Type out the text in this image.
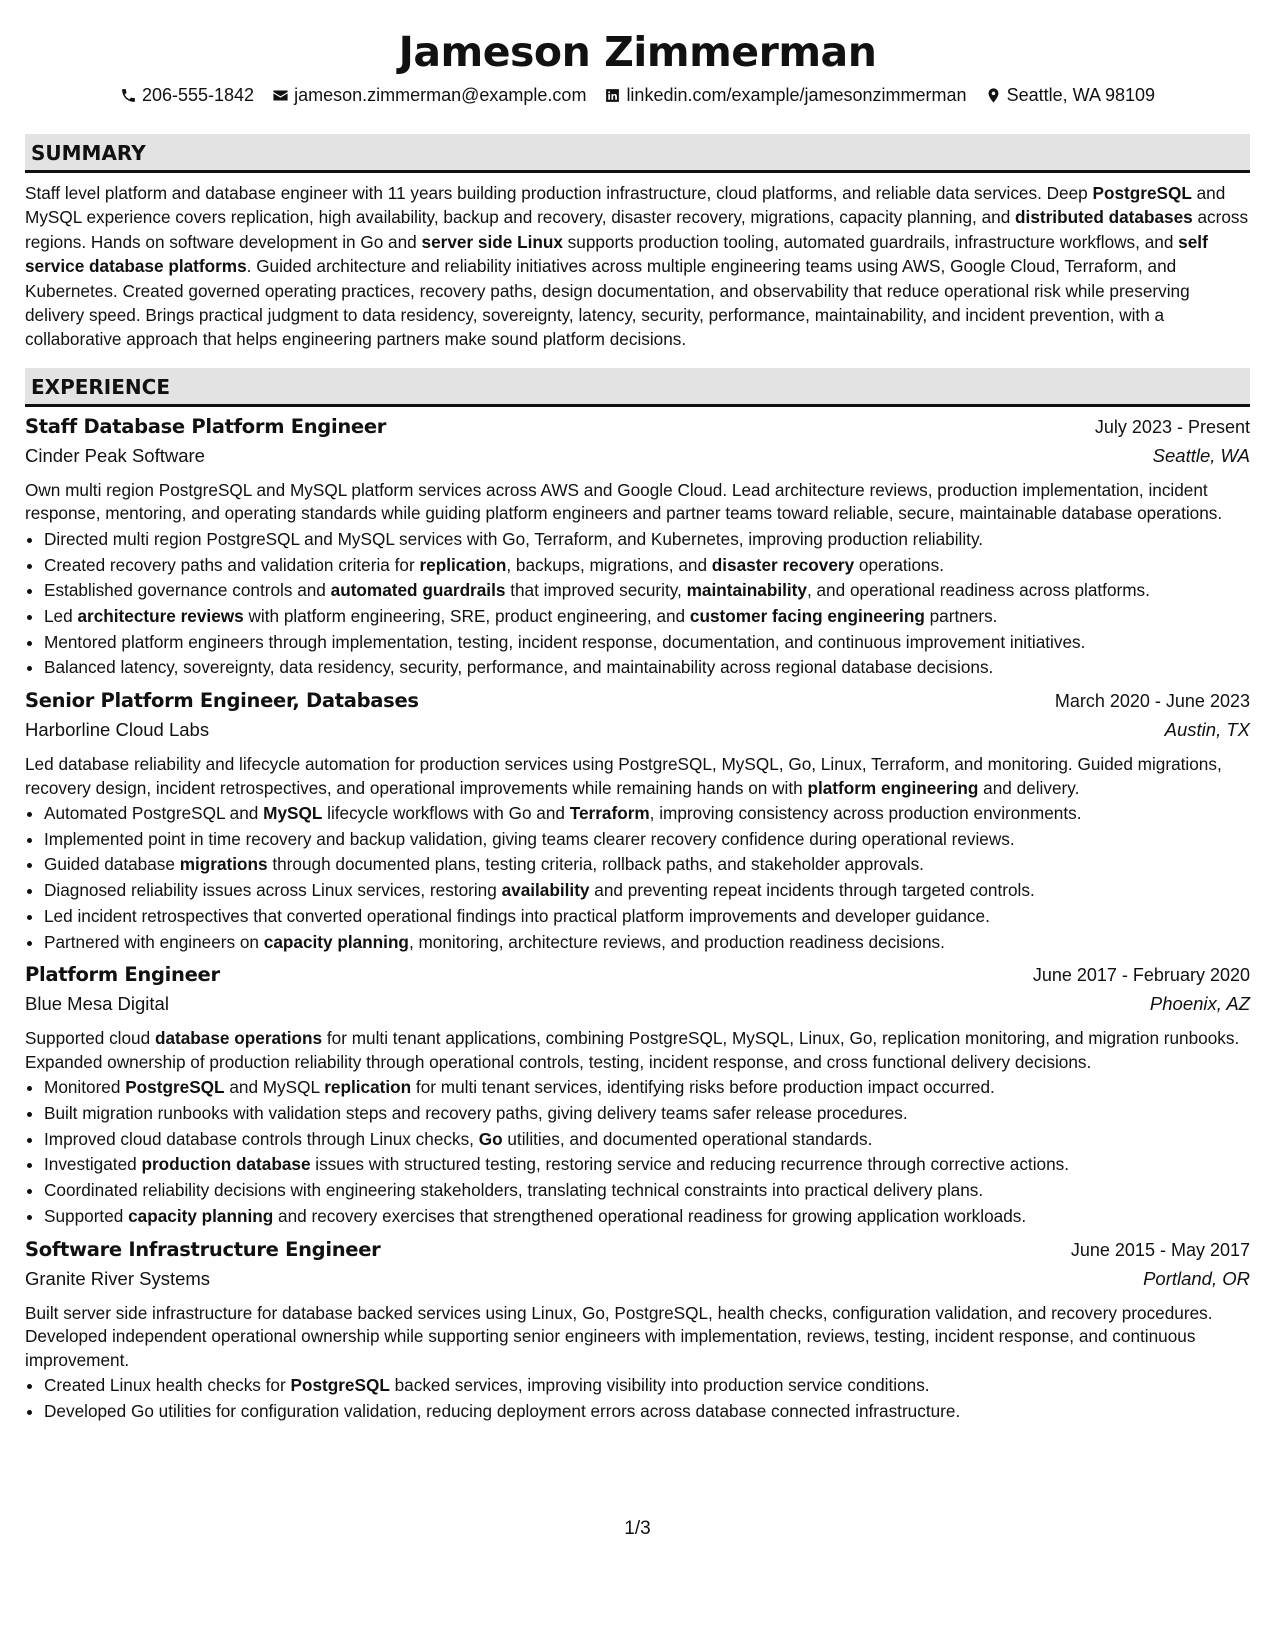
Jameson Zimmerman
206-555-1842 jameson.zimmerman@example.com linkedin.com/example/jamesonzimmerman Seattle, WA 98109
SUMMARY
Staff level platform and database engineer with 11 years building production infrastructure, cloud platforms, and reliable data services. Deep PostgreSQL and MySQL experience covers replication, high availability, backup and recovery, disaster recovery, migrations, capacity planning, and distributed databases across regions. Hands on software development in Go and server side Linux supports production tooling, automated guardrails, infrastructure workflows, and self service database platforms. Guided architecture and reliability initiatives across multiple engineering teams using AWS, Google Cloud, Terraform, and Kubernetes. Created governed operating practices, recovery paths, design documentation, and observability that reduce operational risk while preserving delivery speed. Brings practical judgment to data residency, sovereignty, latency, security, performance, maintainability, and incident prevention, with a collaborative approach that helps engineering partners make sound platform decisions.
EXPERIENCE
Staff Database Platform Engineer	July 2023 - Present
Cinder Peak Software	Seattle, WA
Own multi region PostgreSQL and MySQL platform services across AWS and Google Cloud. Lead architecture reviews, production implementation, incident response, mentoring, and operating standards while guiding platform engineers and partner teams toward reliable, secure, maintainable database operations.
• Directed multi region PostgreSQL and MySQL services with Go, Terraform, and Kubernetes, improving production reliability.
• Created recovery paths and validation criteria for replication, backups, migrations, and disaster recovery operations.
• Established governance controls and automated guardrails that improved security, maintainability, and operational readiness across platforms.
• Led architecture reviews with platform engineering, SRE, product engineering, and customer facing engineering partners.
• Mentored platform engineers through implementation, testing, incident response, documentation, and continuous improvement initiatives.
• Balanced latency, sovereignty, data residency, security, performance, and maintainability across regional database decisions.
Senior Platform Engineer, Databases	March 2020 - June 2023
Harborline Cloud Labs	Austin, TX
Led database reliability and lifecycle automation for production services using PostgreSQL, MySQL, Go, Linux, Terraform, and monitoring. Guided migrations, recovery design, incident retrospectives, and operational improvements while remaining hands on with platform engineering and delivery.
• Automated PostgreSQL and MySQL lifecycle workflows with Go and Terraform, improving consistency across production environments.
• Implemented point in time recovery and backup validation, giving teams clearer recovery confidence during operational reviews.
• Guided database migrations through documented plans, testing criteria, rollback paths, and stakeholder approvals.
• Diagnosed reliability issues across Linux services, restoring availability and preventing repeat incidents through targeted controls.
• Led incident retrospectives that converted operational findings into practical platform improvements and developer guidance.
• Partnered with engineers on capacity planning, monitoring, architecture reviews, and production readiness decisions.
Platform Engineer	June 2017 - February 2020
Blue Mesa Digital	Phoenix, AZ
Supported cloud database operations for multi tenant applications, combining PostgreSQL, MySQL, Linux, Go, replication monitoring, and migration runbooks. Expanded ownership of production reliability through operational controls, testing, incident response, and cross functional delivery decisions.
• Monitored PostgreSQL and MySQL replication for multi tenant services, identifying risks before production impact occurred.
• Built migration runbooks with validation steps and recovery paths, giving delivery teams safer release procedures.
• Improved cloud database controls through Linux checks, Go utilities, and documented operational standards.
• Investigated production database issues with structured testing, restoring service and reducing recurrence through corrective actions.
• Coordinated reliability decisions with engineering stakeholders, translating technical constraints into practical delivery plans.
• Supported capacity planning and recovery exercises that strengthened operational readiness for growing application workloads.
Software Infrastructure Engineer	June 2015 - May 2017
Granite River Systems	Portland, OR
Built server side infrastructure for database backed services using Linux, Go, PostgreSQL, health checks, configuration validation, and recovery procedures. Developed independent operational ownership while supporting senior engineers with implementation, reviews, testing, incident response, and continuous improvement.
• Created Linux health checks for PostgreSQL backed services, improving visibility into production service conditions.
• Developed Go utilities for configuration validation, reducing deployment errors across database connected infrastructure.
1/3
